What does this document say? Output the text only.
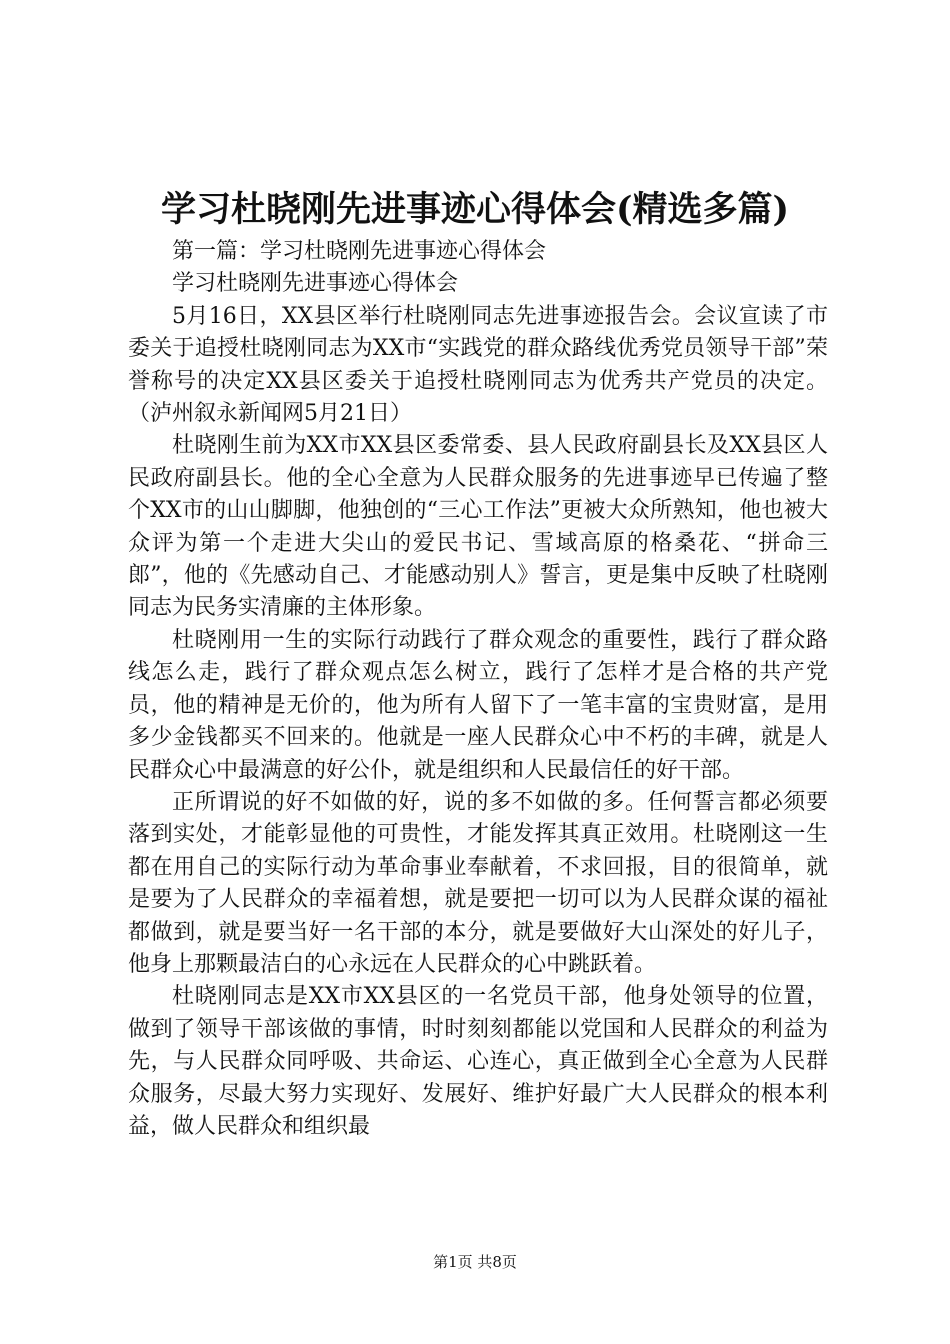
学习杜晓刚先进事迹心得体会(精选多篇)

第一篇：学习杜晓刚先进事迹心得体会

学习杜晓刚先进事迹心得体会

5月16日，XX县区举行杜晓刚同志先进事迹报告会。会议宣读了市委关于追授杜晓刚同志为XX市“实践党的群众路线优秀党员领导干部”荣誉称号的决定XX县区委关于追授杜晓刚同志为优秀共产党员的决定。（泸州叙永新闻网5月21日）

杜晓刚生前为XX市XX县区委常委、县人民政府副县长及XX县区人民政府副县长。他的全心全意为人民群众服务的先进事迹早已传遍了整个XX市的山山脚脚，他独创的“三心工作法”更被大众所熟知，他也被大众评为第一个走进大尖山的爱民书记、雪域高原的格桑花、“拼命三郎”，他的《先感动自己、才能感动别人》誓言，更是集中反映了杜晓刚同志为民务实清廉的主体形象。

杜晓刚用一生的实际行动践行了群众观念的重要性，践行了群众路线怎么走，践行了群众观点怎么树立，践行了怎样才是合格的共产党员，他的精神是无价的，他为所有人留下了一笔丰富的宝贵财富，是用多少金钱都买不回来的。他就是一座人民群众心中不朽的丰碑，就是人民群众心中最满意的好公仆，就是组织和人民最信任的好干部。

正所谓说的好不如做的好，说的多不如做的多。任何誓言都必须要落到实处，才能彰显他的可贵性，才能发挥其真正效用。杜晓刚这一生都在用自己的实际行动为革命事业奉献着，不求回报，目的很简单，就是要为了人民群众的幸福着想，就是要把一切可以为人民群众谋的福祉都做到，就是要当好一名干部的本分，就是要做好大山深处的好儿子，他身上那颗最洁白的心永远在人民群众的心中跳跃着。

杜晓刚同志是XX市XX县区的一名党员干部，他身处领导的位置，做到了领导干部该做的事情，时时刻刻都能以党国和人民群众的利益为先，与人民群众同呼吸、共命运、心连心，真正做到全心全意为人民群众服务，尽最大努力实现好、发展好、维护好最广大人民群众的根本利益，做人民群众和组织最

第1页 共8页
